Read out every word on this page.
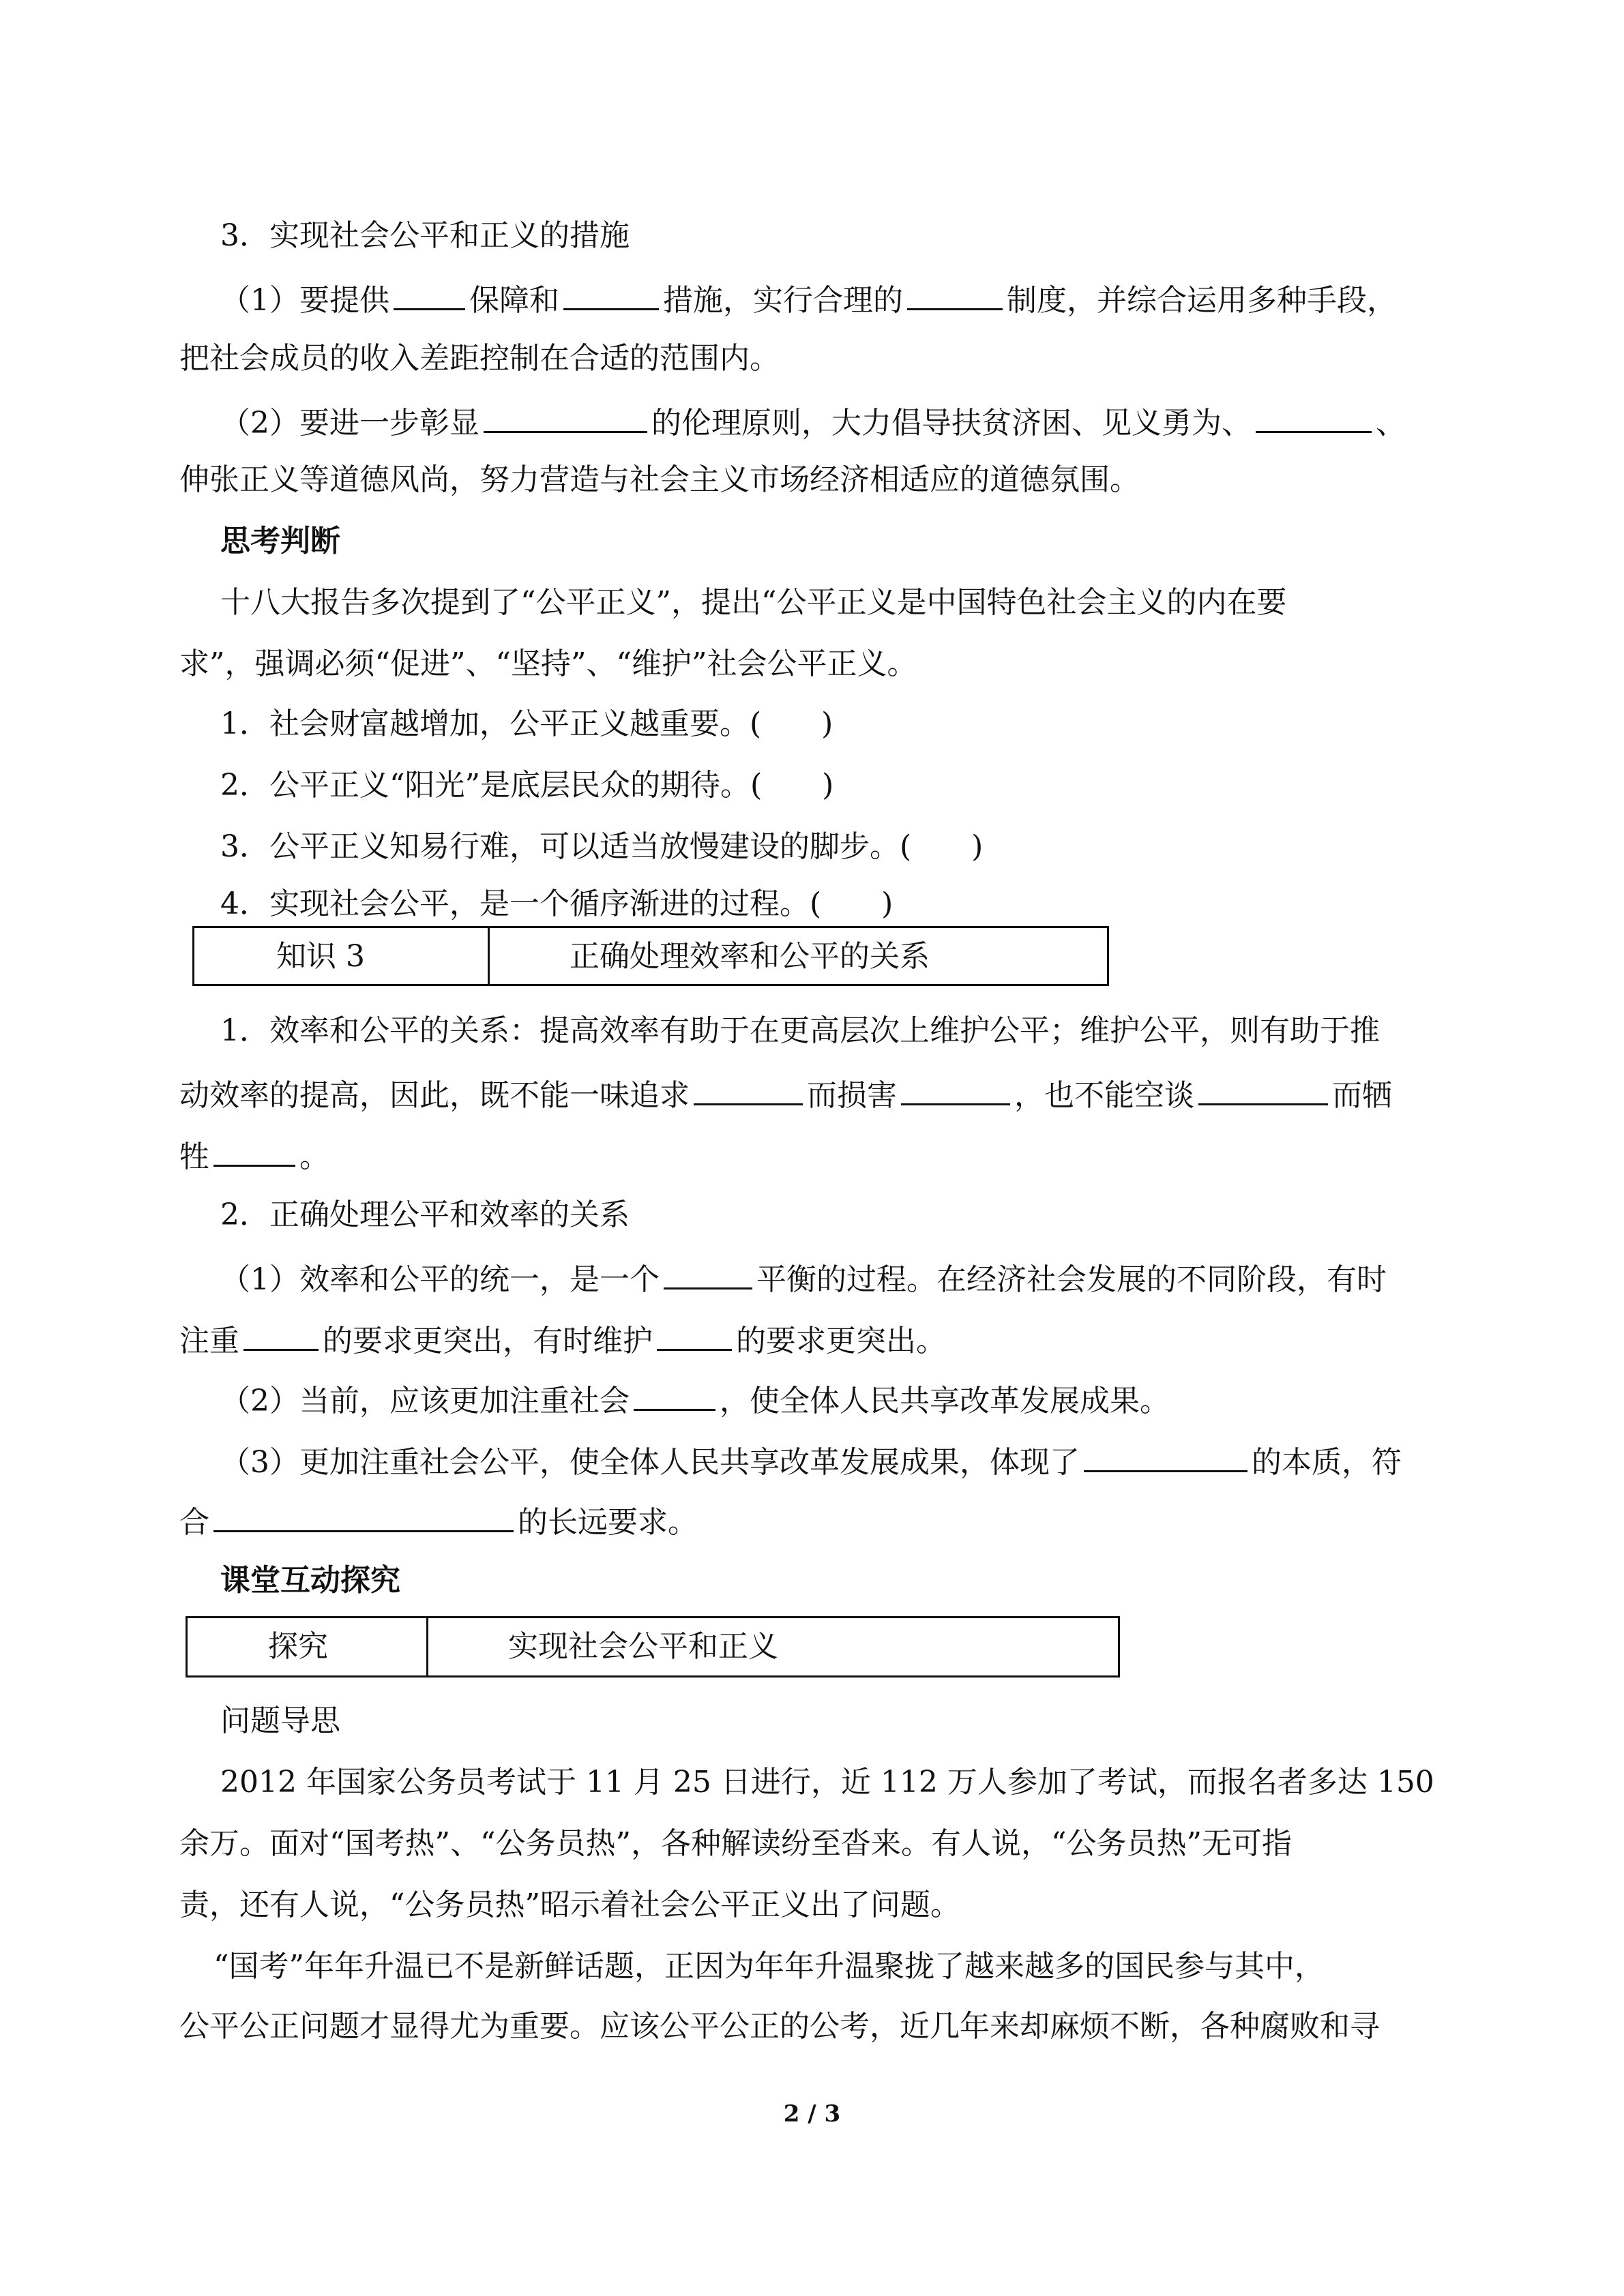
3．实现社会公平和正义的措施
（1）要提供	保障和	措施，实行合理的	制度，并综合运用多种手段，
把社会成员的收入差距控制在合适的范围内。
（2）要进一步彰显	的伦理原则，大力倡导扶贫济困、见义勇为、	、
伸张正义等道德风尚，努力营造与社会主义市场经济相适应的道德氛围。
思考判断
十八大报告多次提到了“公平正义”，提出“公平正义是中国特色社会主义的内在要
求”，强调必须“促进”、“坚持”、“维护”社会公平正义。
1．社会财富越增加，公平正义越重要。(　　)
2．公平正义“阳光”是底层民众的期待。(　　)
3．公平正义知易行难，可以适当放慢建设的脚步。(　　)
4．实现社会公平，是一个循序渐进的过程。(　　)
知识 3	正确处理效率和公平的关系
1．效率和公平的关系：提高效率有助于在更高层次上维护公平；维护公平，则有助于推
动效率的提高，因此，既不能一味追求	而损害	，也不能空谈	而牺
牲	。
2．正确处理公平和效率的关系
（1）效率和公平的统一，是一个	平衡的过程。在经济社会发展的不同阶段，有时
注重	的要求更突出，有时维护	的要求更突出。
（2）当前，应该更加注重社会	，使全体人民共享改革发展成果。
（3）更加注重社会公平，使全体人民共享改革发展成果，体现了	的本质，符
合	的长远要求。
课堂互动探究
探究	实现社会公平和正义
问题导思
2012 年国家公务员考试于 11 月 25 日进行，近 112 万人参加了考试，而报名者多达 150
余万。面对“国考热”、“公务员热”，各种解读纷至沓来。有人说，“公务员热”无可指
责，还有人说，“公务员热”昭示着社会公平正义出了问题。
“国考”年年升温已不是新鲜话题，正因为年年升温聚拢了越来越多的国民参与其中，
公平公正问题才显得尤为重要。应该公平公正的公考，近几年来却麻烦不断，各种腐败和寻
2 / 3
